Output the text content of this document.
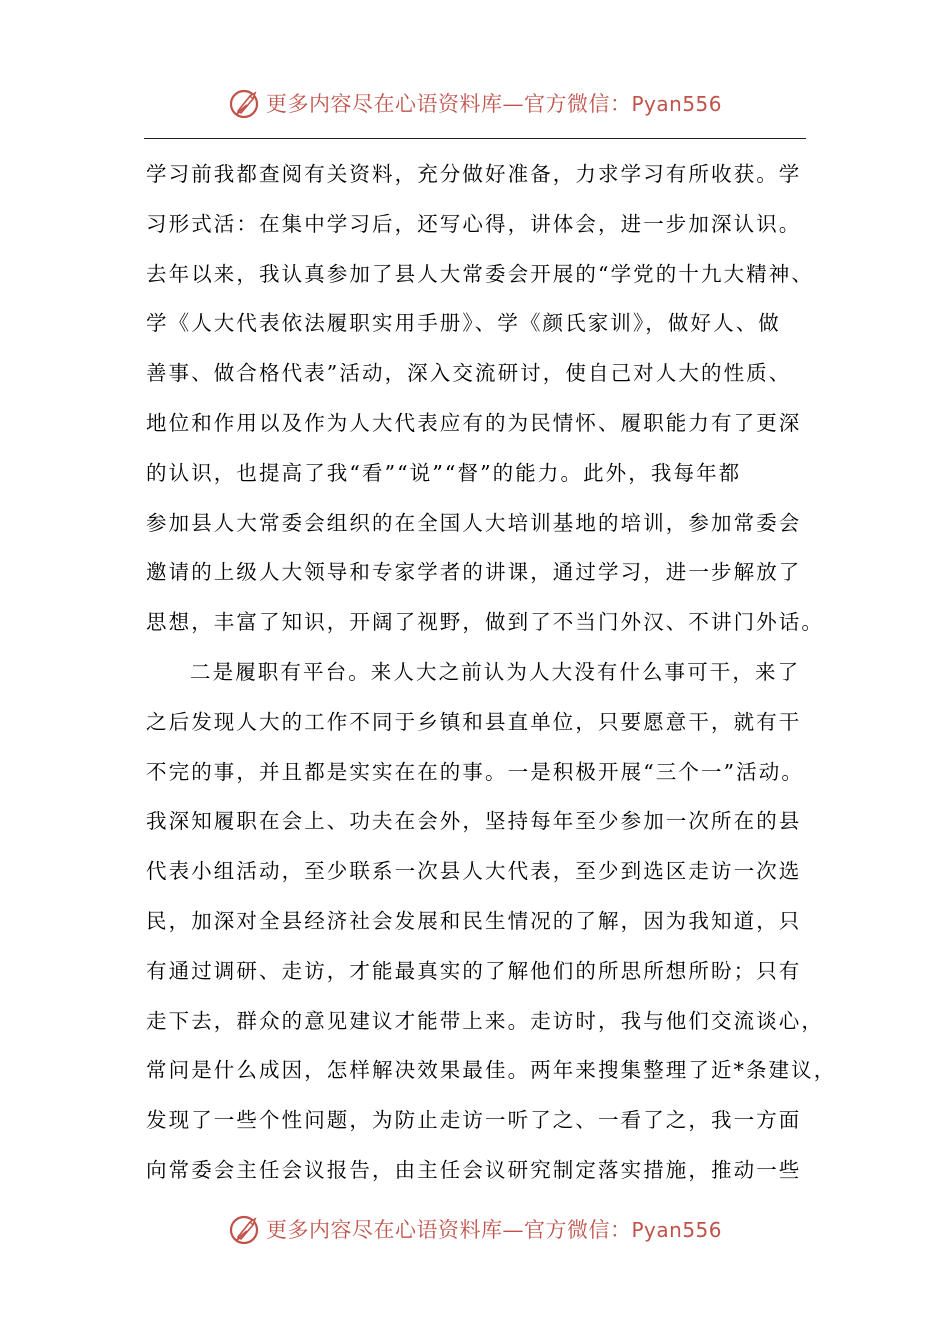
更多内容尽在心语资料库—官方微信：Pyan556
学习前我都查阅有关资料，充分做好准备，力求学习有所收获。学
习形式活：在集中学习后，还写心得，讲体会，进一步加深认识。
去年以来，我认真参加了县人大常委会开展的“学党的十九大精神、
学《人大代表依法履职实用手册》、学《颜氏家训》，做好人、做
善事、做合格代表”活动，深入交流研讨，使自己对人大的性质、
地位和作用以及作为人大代表应有的为民情怀、履职能力有了更深
的认识，也提高了我“看”“说”“督”的能力。此外，我每年都
参加县人大常委会组织的在全国人大培训基地的培训，参加常委会
邀请的上级人大领导和专家学者的讲课，通过学习，进一步解放了
思想，丰富了知识，开阔了视野，做到了不当门外汉、不讲门外话。
二是履职有平台。来人大之前认为人大没有什么事可干，来了
之后发现人大的工作不同于乡镇和县直单位，只要愿意干，就有干
不完的事，并且都是实实在在的事。一是积极开展“三个一”活动。
我深知履职在会上、功夫在会外，坚持每年至少参加一次所在的县
代表小组活动，至少联系一次县人大代表，至少到选区走访一次选
民，加深对全县经济社会发展和民生情况的了解，因为我知道，只
有通过调研、走访，才能最真实的了解他们的所思所想所盼；只有
走下去，群众的意见建议才能带上来。走访时，我与他们交流谈心，
常问是什么成因，怎样解决效果最佳。两年来搜集整理了近*条建议，
发现了一些个性问题，为防止走访一听了之、一看了之，我一方面
向常委会主任会议报告，由主任会议研究制定落实措施，推动一些
更多内容尽在心语资料库—官方微信：Pyan556
